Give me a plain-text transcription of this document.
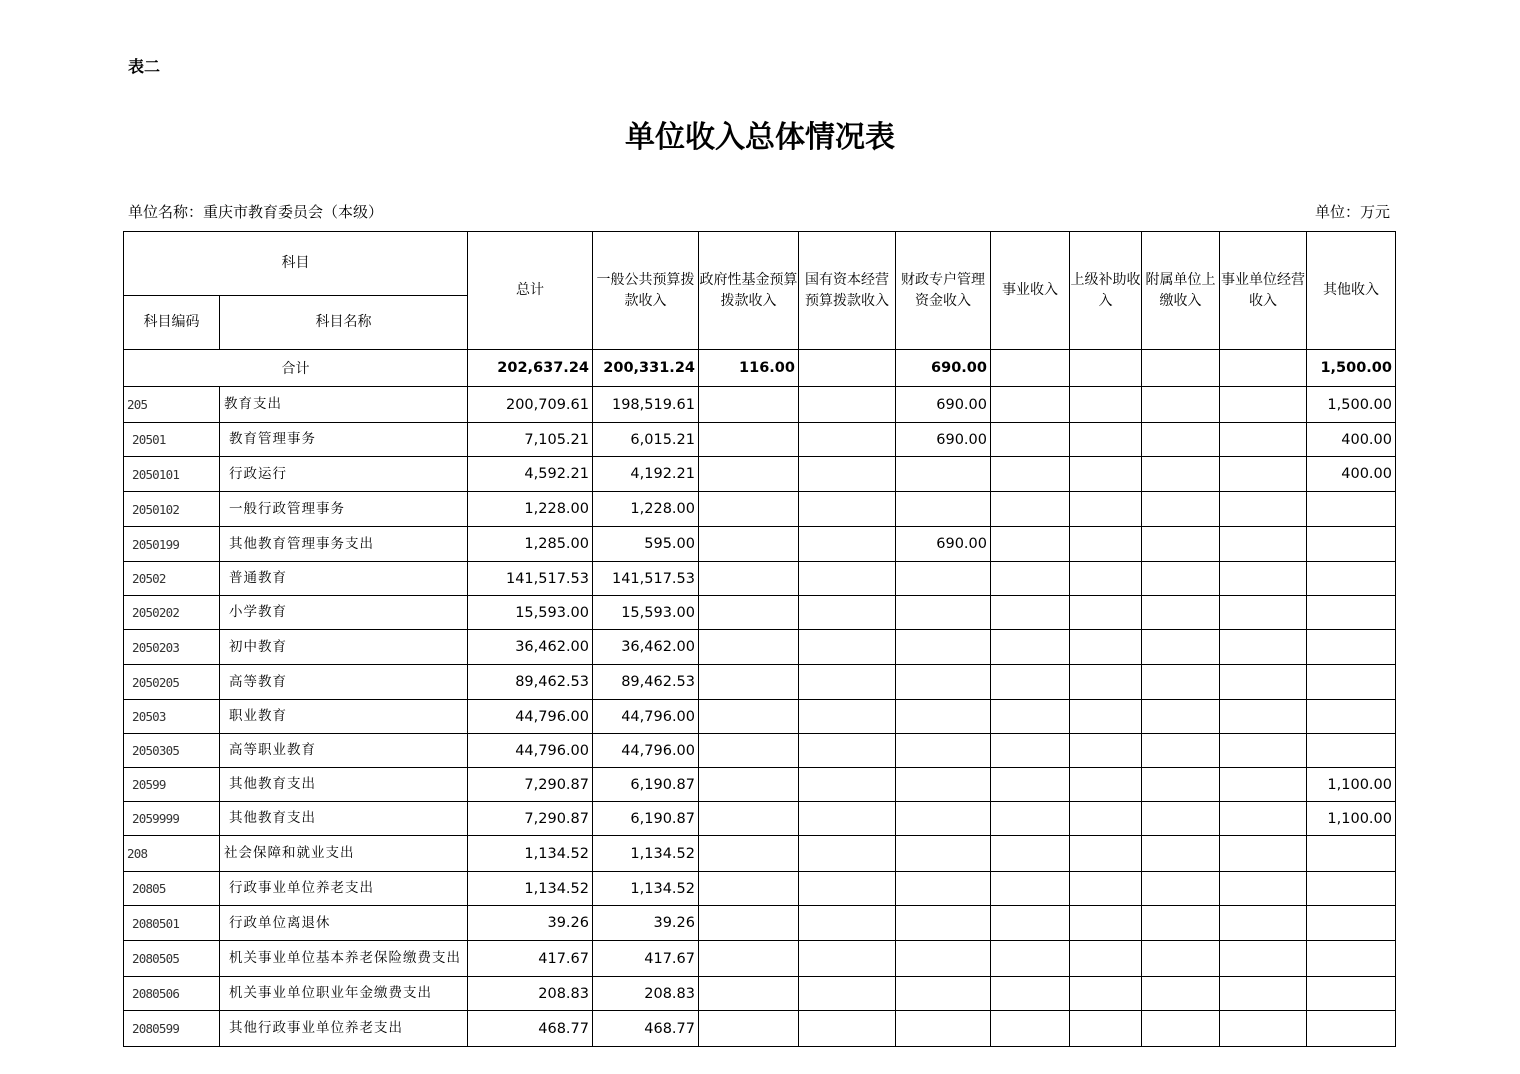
表二
单位收入总体情况表
单位名称：重庆市教育委员会（本级）	单位：万元
科目		总计	一般公共预算拨款收入	政府性基金预算拨款收入	国有资本经营预算拨款收入	财政专户管理资金收入	事业收入	上级补助收入	附属单位上缴收入	事业单位经营收入	其他收入
科目编码	科目名称										
合计		202,637.24	200,331.24	116.00		690.00					1,500.00
205	教育支出	200,709.61	198,519.61			690.00					1,500.00
20501	教育管理事务	7,105.21	6,015.21			690.00					400.00
2050101	行政运行	4,592.21	4,192.21								400.00
2050102	一般行政管理事务	1,228.00	1,228.00								
2050199	其他教育管理事务支出	1,285.00	595.00			690.00					
20502	普通教育	141,517.53	141,517.53								
2050202	小学教育	15,593.00	15,593.00								
2050203	初中教育	36,462.00	36,462.00								
2050205	高等教育	89,462.53	89,462.53								
20503	职业教育	44,796.00	44,796.00								
2050305	高等职业教育	44,796.00	44,796.00								
20599	其他教育支出	7,290.87	6,190.87								1,100.00
2059999	其他教育支出	7,290.87	6,190.87								1,100.00
208	社会保障和就业支出	1,134.52	1,134.52								
20805	行政事业单位养老支出	1,134.52	1,134.52								
2080501	行政单位离退休	39.26	39.26								
2080505	机关事业单位基本养老保险缴费支出	417.67	417.67								
2080506	机关事业单位职业年金缴费支出	208.83	208.83								
2080599	其他行政事业单位养老支出	468.77	468.77								
